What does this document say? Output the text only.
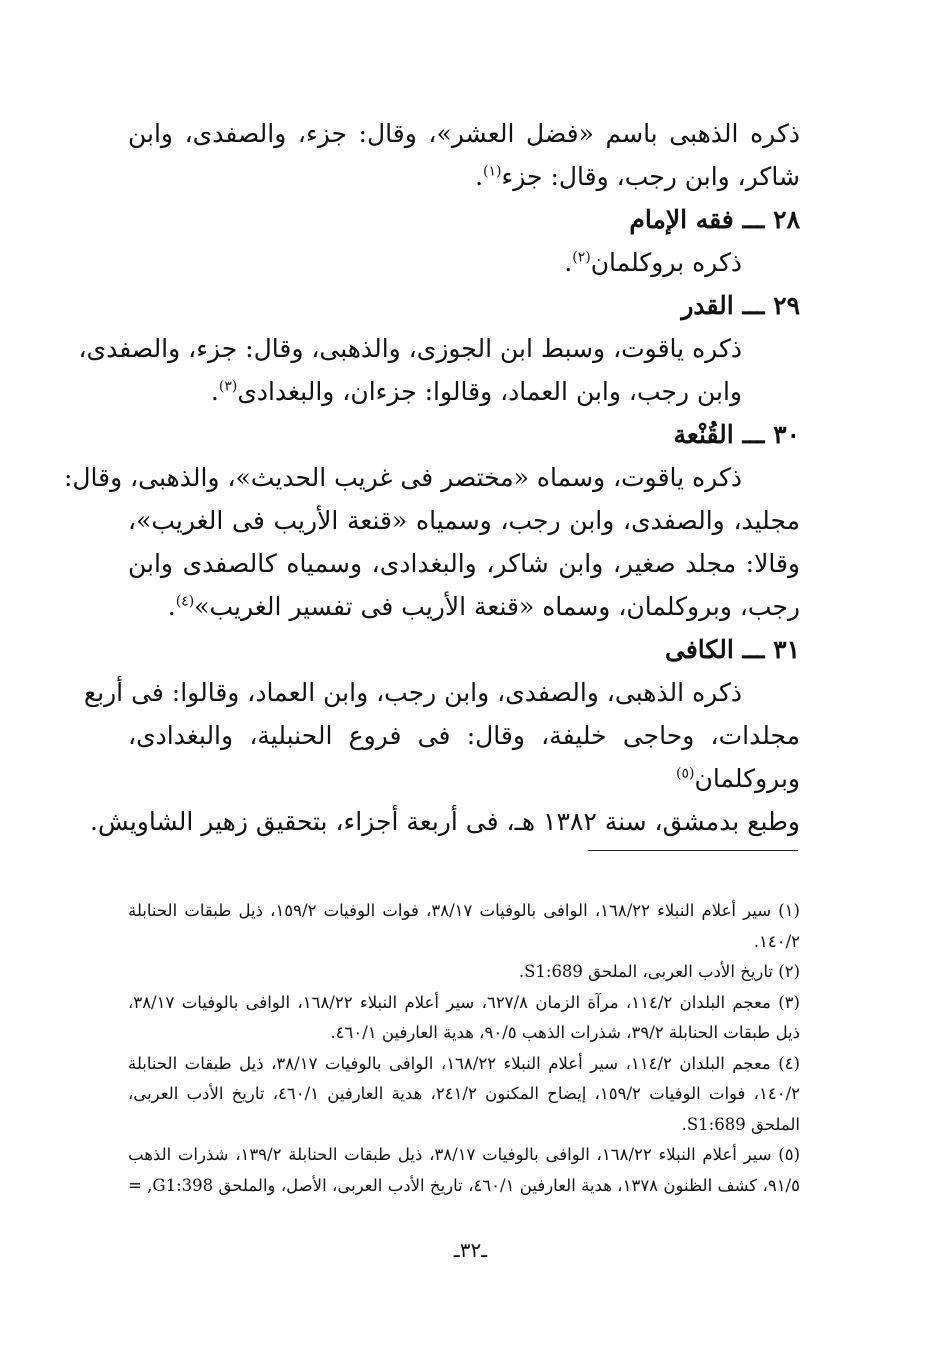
ذكره الذهبى باسم «فضل العشر»، وقال: جزء، والصفدى، وابن
شاكر، وابن رجب، وقال: جزء$^{(١)}$.
٢٨ ـــ فقه الإمام
ذكره بروكلمان$^{(٢)}$.
٢٩ ـــ القدر
ذكره ياقوت، وسبط ابن الجوزى، والذهبى، وقال: جزء، والصفدى،
وابن رجب، وابن العماد، وقالوا: جزءان، والبغدادى$^{(٣)}$.
٣٠ ـــ القُنْعة
ذكره ياقوت، وسماه «مختصر فى غريب الحديث»، والذهبى، وقال:
مجليد، والصفدى، وابن رجب، وسمياه «قنعة الأريب فى الغريب»،
وقالا: مجلد صغير، وابن شاكر، والبغدادى، وسمياه كالصفدى وابن
رجب، وبروكلمان، وسماه «قنعة الأريب فى تفسير الغريب»$^{(٤)}$.
٣١ ـــ الكافى
ذكره الذهبى، والصفدى، وابن رجب، وابن العماد، وقالوا: فى أربع
مجلدات، وحاجى خليفة، وقال: فى فروع الحنبلية، والبغدادى،
وبروكلمان$^{(٥)}$
وطبع بدمشق، سنة ١٣٨٢ هـ، فى أربعة أجزاء، بتحقيق زهير الشاويش.
(١) سير أعلام النبلاء ١٦٨/٢٢، الوافى بالوفيات ٣٨/١٧، فوات الوفيات ١٥٩/٢، ذيل طبقات الحنابلة
١٤٠/٢.
(٢) تاريخ الأدب العربى، الملحق S1:689.
(٣) معجم البلدان ١١٤/٢، مرآة الزمان ٦٢٧/٨، سير أعلام النبلاء ١٦٨/٢٢، الوافى بالوفيات ٣٨/١٧،
ذيل طبقات الحنابلة ٣٩/٢، شذرات الذهب ٩٠/٥، هدية العارفين ٤٦٠/١.
(٤) معجم البلدان ١١٤/٢، سير أعلام النبلاء ١٦٨/٢٢، الوافى بالوفيات ٣٨/١٧، ذيل طبقات الحنابلة
١٤٠/٢، فوات الوفيات ١٥٩/٢، إيضاح المكنون ٢٤١/٢، هدية العارفين ٤٦٠/١، تاريخ الأدب العربى،
الملحق S1:689.
(٥) سير أعلام النبلاء ١٦٨/٢٢، الوافى بالوفيات ٣٨/١٧، ذيل طبقات الحنابلة ١٣٩/٢، شذرات الذهب
٩١/٥، كشف الظنون ١٣٧٨، هدية العارفين ٤٦٠/١، تاريخ الأدب العربى، الأصل، والملحق G1:398, =
ـ٣٢ـ
